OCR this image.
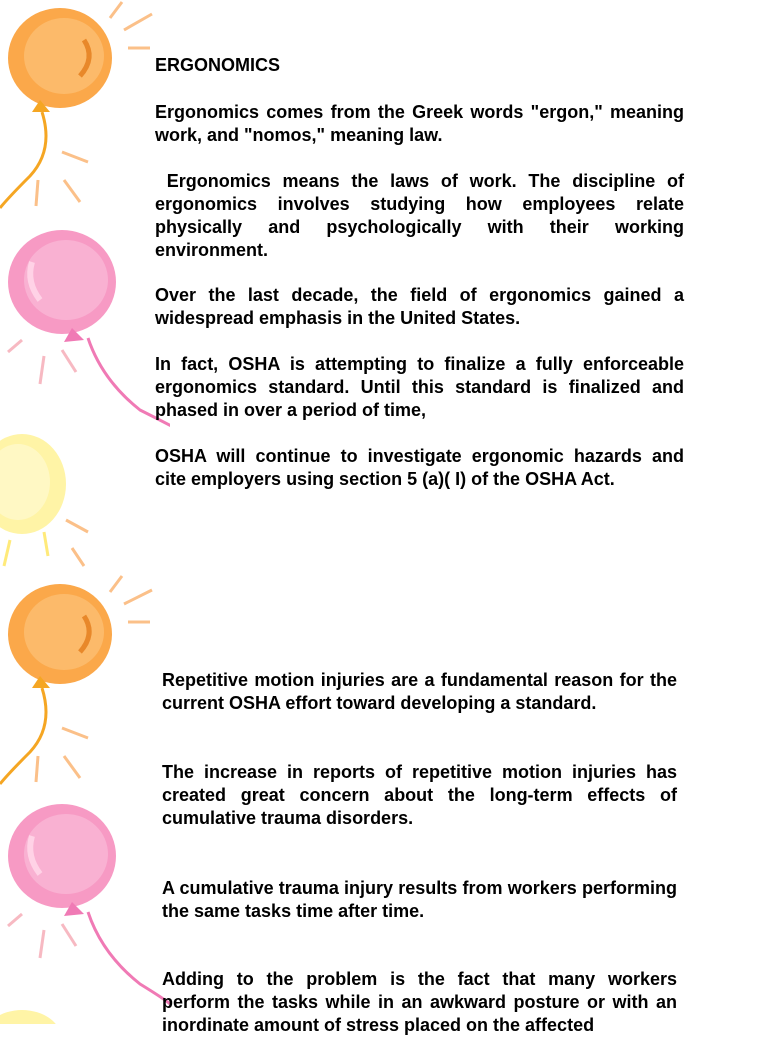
ERGONOMICS

Ergonomics comes from the Greek words "ergon," meaning work, and "nomos," meaning law.

Ergonomics means the laws of work. The discipline of ergonomics involves studying how employees relate physically and psychologically with their working environment.

Over the last decade, the field of ergonomics gained a widespread emphasis in the United States.

In fact, OSHA is attempting to finalize a fully enforceable ergonomics standard. Until this standard is finalized and phased in over a period of time,

OSHA will continue to investigate ergonomic hazards and cite employers using section 5 (a)( I) of the OSHA Act.

Repetitive motion injuries are a fundamental reason for the current OSHA effort toward developing a standard.

The increase in reports of repetitive motion injuries has created great concern about the long-term effects of cumulative trauma disorders.

A cumulative trauma injury results from workers performing the same tasks time after time.

Adding to the problem is the fact that many workers perform the tasks while in an awkward posture or with an inordinate amount of stress placed on the affected
